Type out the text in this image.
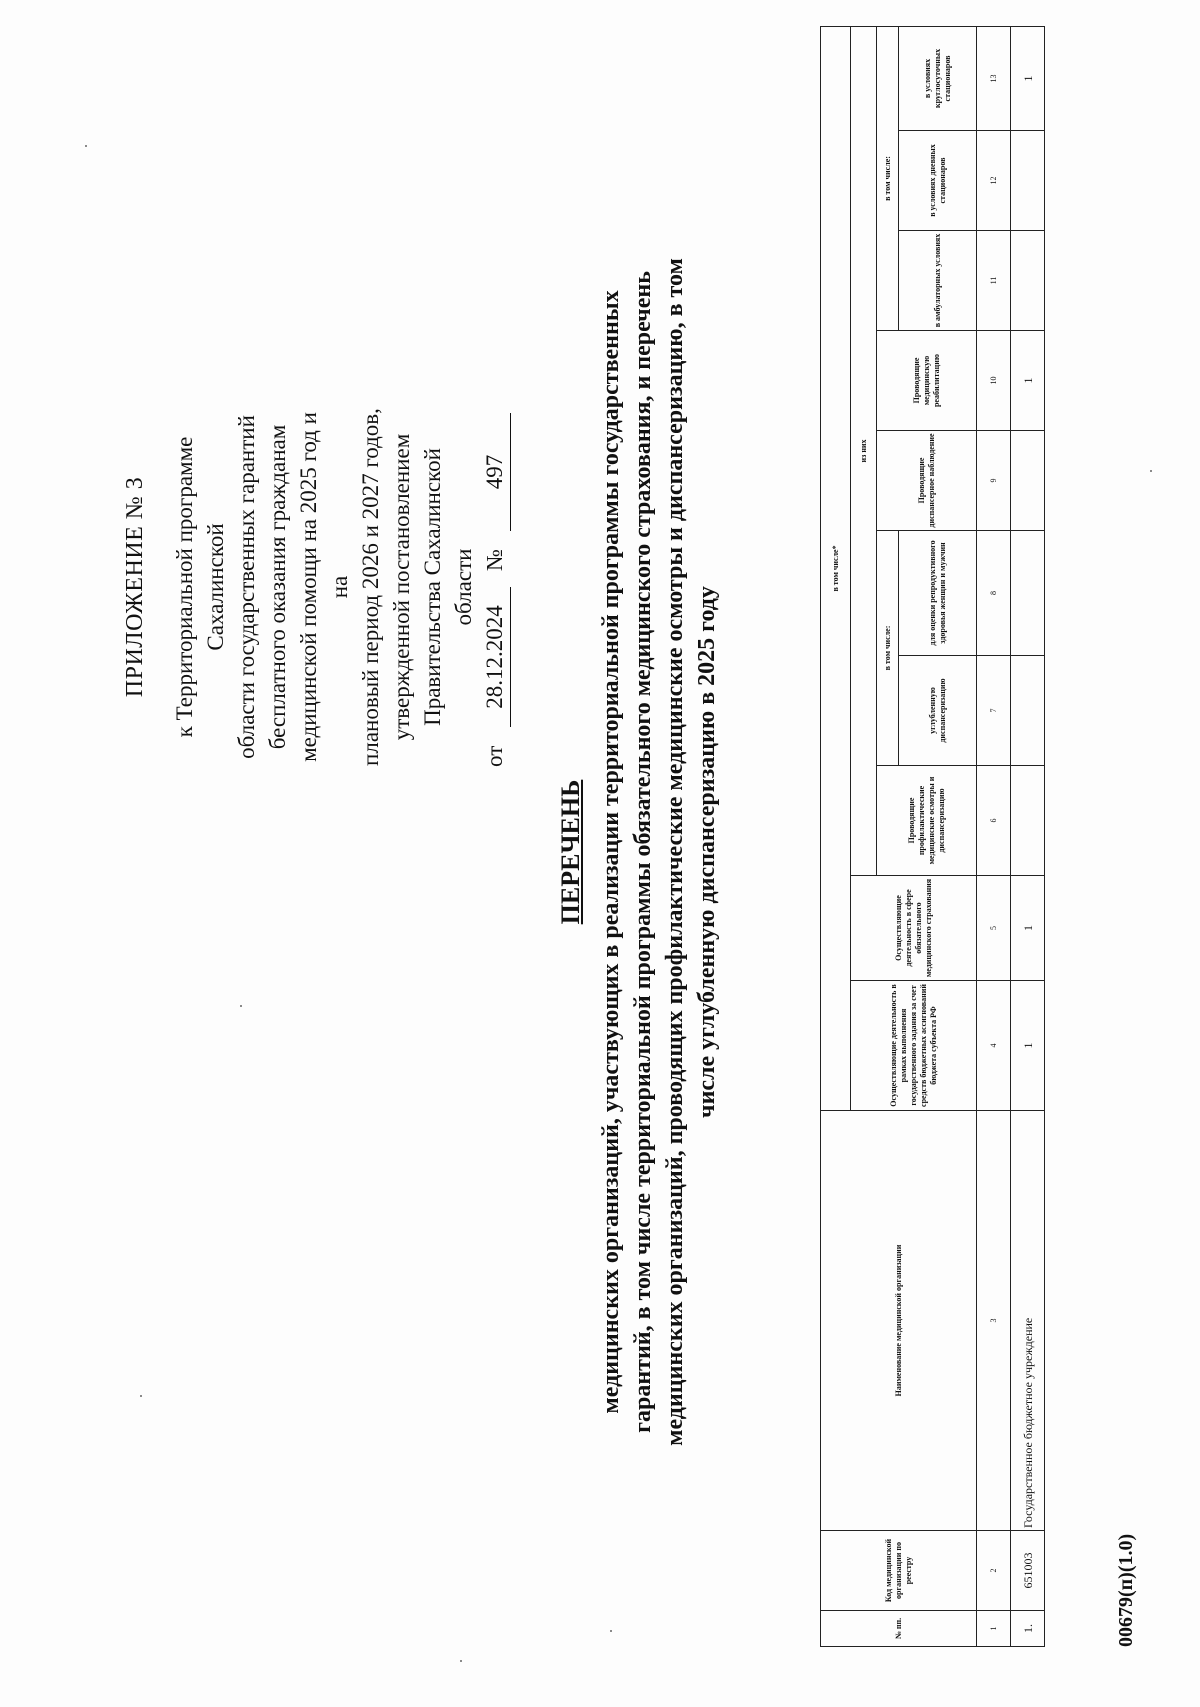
ПРИЛОЖЕНИЕ № 3 к Территориальной программе Сахалинской области государственных гарантий бесплатного оказания гражданам медицинской помощи на 2025 год и на плановый период 2026 и 2027 годов, утвержденной постановлением Правительства Сахалинской области
от
28.12.2024
№
497
ПЕРЕЧЕНЬ медицинских организаций, участвующих в реализации территориальной программы государственных гарантий, в том числе территориальной программы обязательного медицинского страхования, и перечень медицинских организаций, проводящих профилактические медицинские осмотры и диспансеризацию, в том числе углубленную диспансеризацию в 2025 году
№ пп.	Код медицинской организации по реестру	Наименование медицинской организации	в том числе*									
			Осуществляющие деятельность в рамках выполнения государственного задания за счет средств бюджетных ассигнований бюджета субъекта РФ	Осуществляющие деятельность в сфере обязательного медицинского страхования	из них							
					Проводящие профилактические медицинские осмотры и диспансеризацию	в том числе:		Проводящие диспансерное наблюдение	Проводящие медицинскую реабилитацию	в том числе:		
						углубленную диспансеризацию	для оценки репродуктивного здоровья женщин и мужчин			в амбулаторных условиях	в условиях дневных стационаров	в условиях круглосуточных стационаров
1	2	3	4	5	6	7	8	9	10	11	12	13
1.	651003	Государственное бюджетное учреждение	1	1					1			1
00679(п)(1.0)
